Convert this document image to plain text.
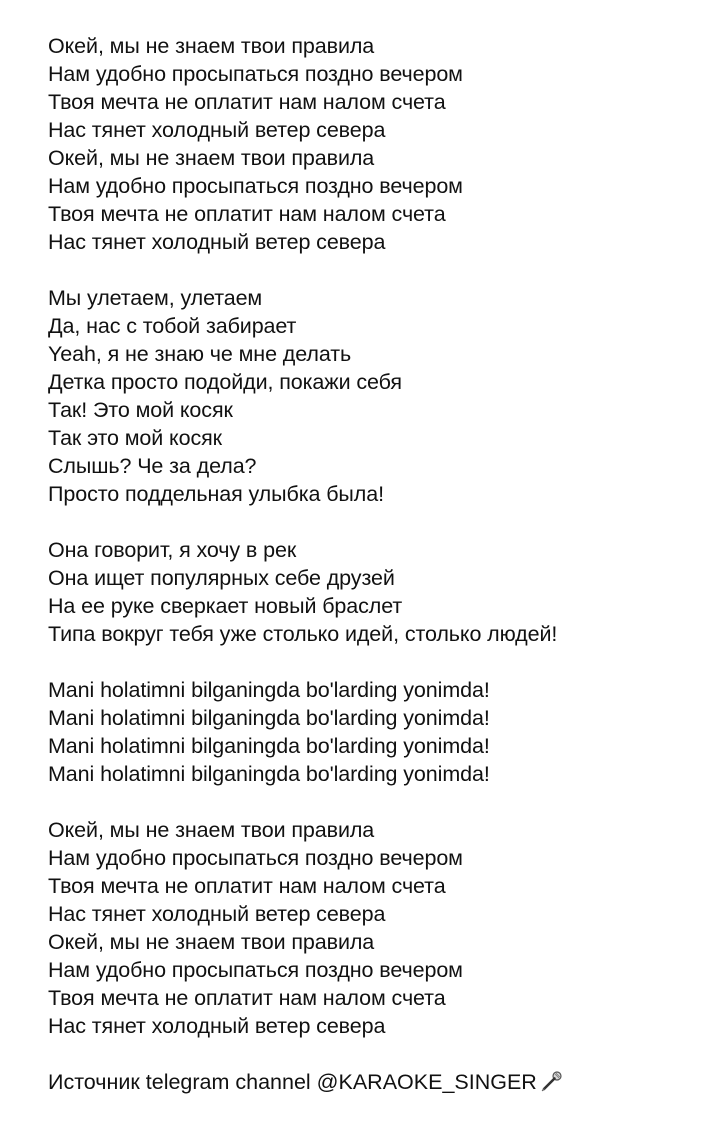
Окей, мы не знаем твои правила
Нам удобно просыпаться поздно вечером
Твоя мечта не оплатит нам налом счета
Нас тянет холодный ветер севера
Окей, мы не знаем твои правила
Нам удобно просыпаться поздно вечером
Твоя мечта не оплатит нам налом счета
Нас тянет холодный ветер севера
Мы улетаем, улетаем
Да, нас с тобой забирает
Yeah, я не знаю че мне делать
Детка просто подойди, покажи себя
Так! Это мой косяк
Так это мой косяк
Слышь? Че за дела?
Просто поддельная улыбка была!
Она говорит, я хочу в рек
Она ищет популярных себе друзей
На ее руке сверкает новый браслет
Типа вокруг тебя уже столько идей, столько людей!
Mani holatimni bilganingda bo'larding yonimda!
Mani holatimni bilganingda bo'larding yonimda!
Mani holatimni bilganingda bo'larding yonimda!
Mani holatimni bilganingda bo'larding yonimda!
Окей, мы не знаем твои правила
Нам удобно просыпаться поздно вечером
Твоя мечта не оплатит нам налом счета
Нас тянет холодный ветер севера
Окей, мы не знаем твои правила
Нам удобно просыпаться поздно вечером
Твоя мечта не оплатит нам налом счета
Нас тянет холодный ветер севера
Источник telegram channel @KARAOKE_SINGER
